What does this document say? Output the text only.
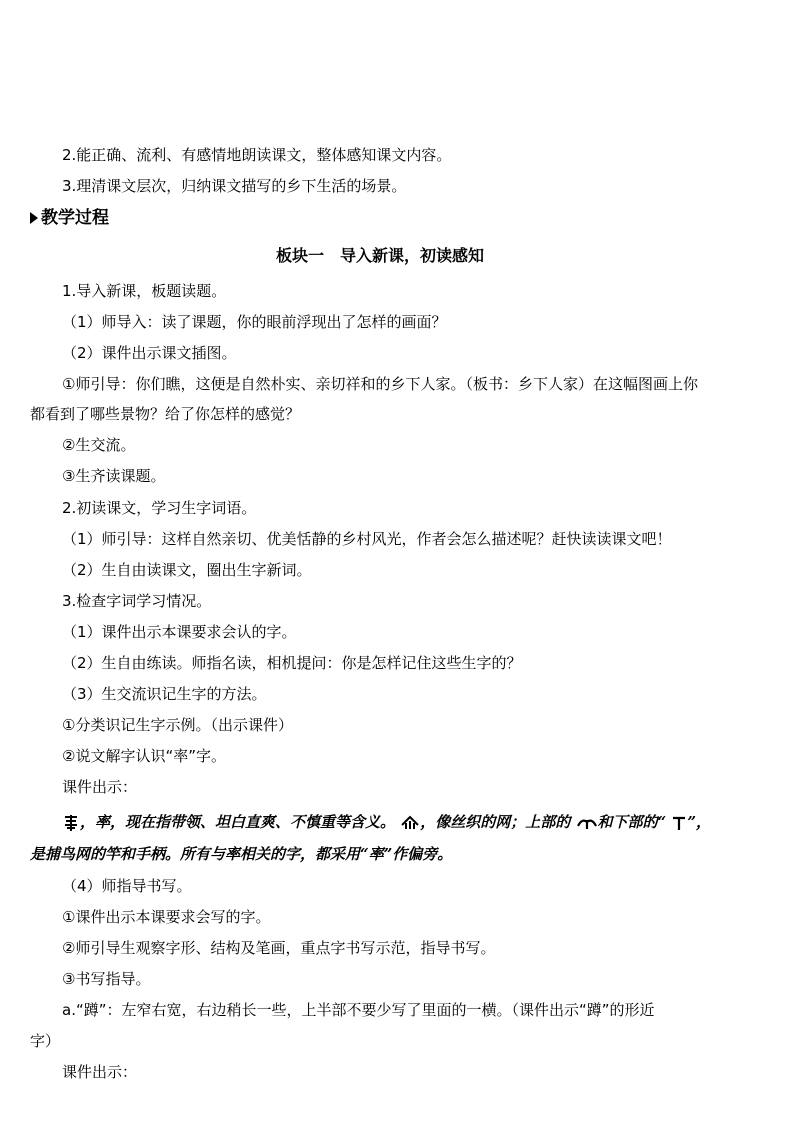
2.能正确、流利、有感情地朗读课文，整体感知课文内容。
3.理清课文层次，归纳课文描写的乡下生活的场景。
教学过程
板块一　导入新课，初读感知
1.导入新课，板题读题。
（1）师导入：读了课题，你的眼前浮现出了怎样的画面？
（2）课件出示课文插图。
①师引导：你们瞧，这便是自然朴实、亲切祥和的乡下人家。（板书：乡下人家）在这幅图画上你
都看到了哪些景物？给了你怎样的感觉？
②生交流。
③生齐读课题。
2.初读课文，学习生字词语。
（1）师引导：这样自然亲切、优美恬静的乡村风光，作者会怎么描述呢？赶快读读课文吧！
（2）生自由读课文，圈出生字新词。
3.检查字词学习情况。
（1）课件出示本课要求会认的字。
（2）生自由练读。师指名读，相机提问：你是怎样记住这些生字的？
（3）生交流识记生字的方法。
①分类识记生字示例。（出示课件）
②说文解字认识“率”字。
课件出示：
，率，现在指带领、坦白直爽、不慎重等含义。 ，像丝织的网；上部的 和下部的“ ”，
是捕鸟网的竿和手柄。所有与率相关的字，都采用“率”作偏旁。
（4）师指导书写。
①课件出示本课要求会写的字。
②师引导生观察字形、结构及笔画，重点字书写示范，指导书写。
③书写指导。
a.“蹲”：左窄右宽，右边稍长一些，上半部不要少写了里面的一横。（课件出示“蹲”的形近
字）
课件出示：
